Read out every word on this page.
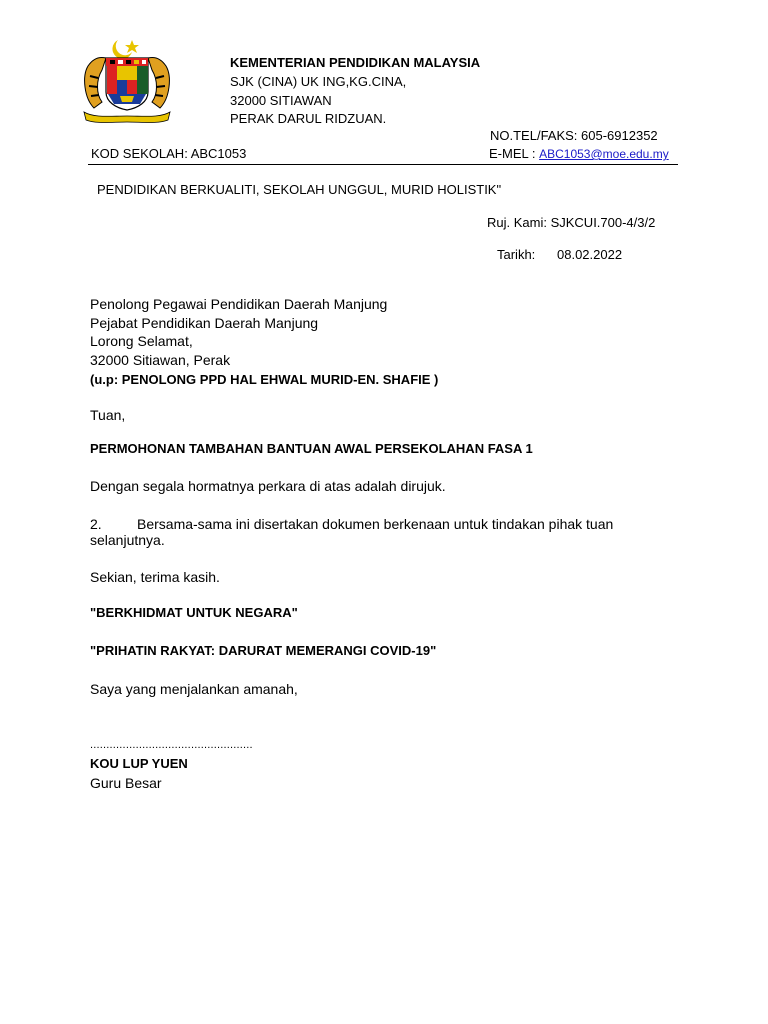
KEMENTERIAN PENDIDIKAN MALAYSIA
SJK (CINA) UK ING,KG.CINA,
32000 SITIAWAN
PERAK DARUL RIDZUAN.
NO.TEL/FAKS: 605-6912352
KOD SEKOLAH: ABC1053	E-MEL : ABC1053@moe.edu.my
PENDIDIKAN BERKUALITI, SEKOLAH UNGGUL, MURID HOLISTIK"
Ruj. Kami: SJKCUI.700-4/3/2
Tarikh: 08.02.2022
Penolong Pegawai Pendidikan Daerah Manjung
Pejabat Pendidikan Daerah Manjung
Lorong Selamat,
32000 Sitiawan, Perak
(u.p: PENOLONG PPD HAL EHWAL MURID-EN. SHAFIE )
Tuan,
PERMOHONAN TAMBAHAN BANTUAN AWAL PERSEKOLAHAN FASA 1
Dengan segala hormatnya perkara di atas adalah dirujuk.
2.	Bersama-sama ini disertakan dokumen berkenaan untuk tindakan pihak tuan
selanjutnya.
Sekian, terima kasih.
"BERKHIDMAT UNTUK NEGARA"
"PRIHATIN RAKYAT: DARURAT MEMERANGI COVID-19"
Saya yang menjalankan amanah,
..................................................
KOU LUP YUEN
Guru Besar
